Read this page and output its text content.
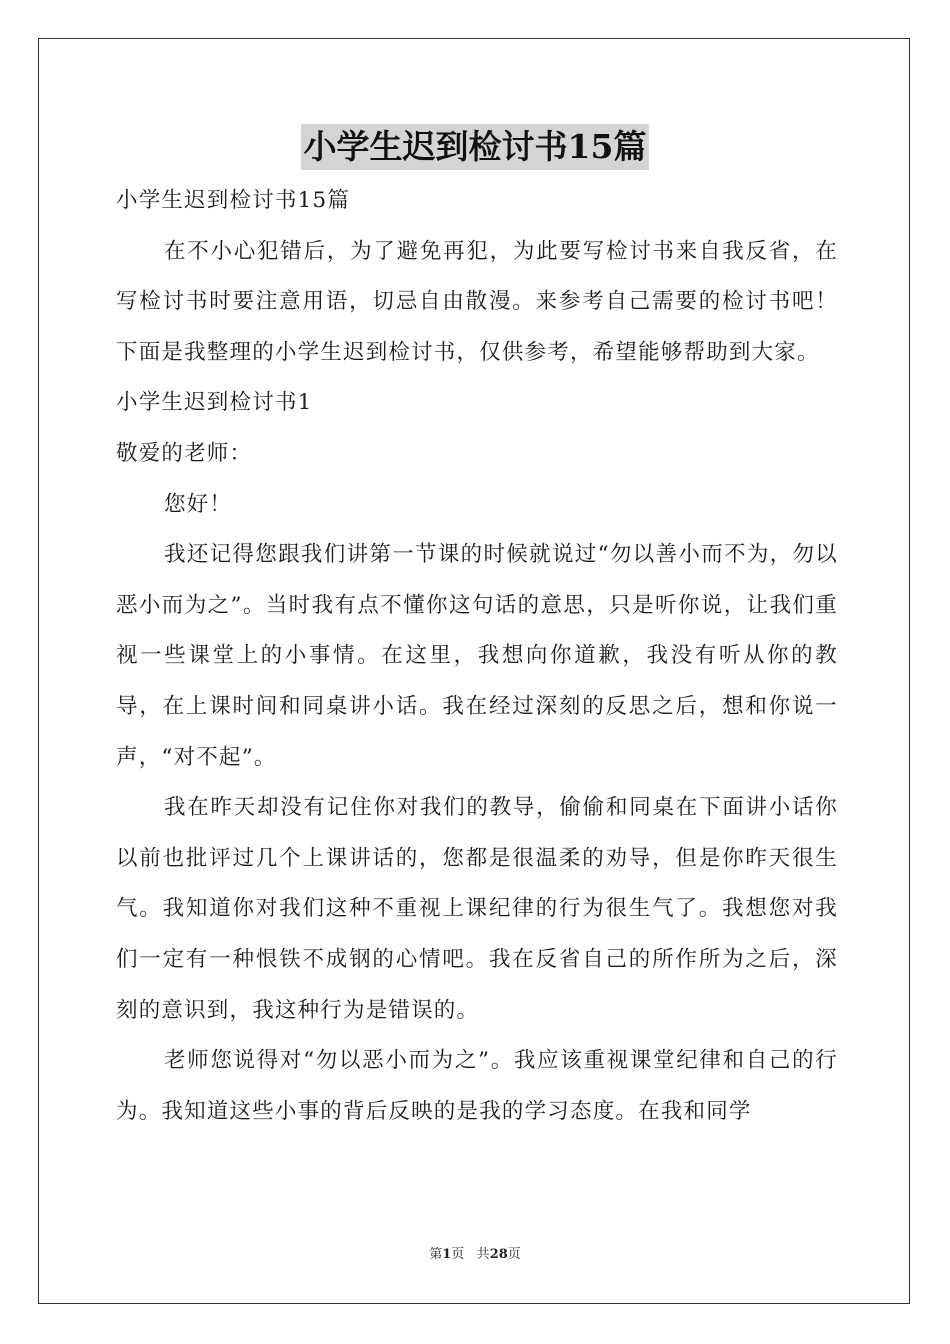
小学生迟到检讨书15篇

小学生迟到检讨书15篇

在不小心犯错后，为了避免再犯，为此要写检讨书来自我反省，在写检讨书时要注意用语，切忌自由散漫。来参考自己需要的检讨书吧！下面是我整理的小学生迟到检讨书，仅供参考，希望能够帮助到大家。

小学生迟到检讨书1

敬爱的老师：

您好！

我还记得您跟我们讲第一节课的时候就说过“勿以善小而不为，勿以恶小而为之”。当时我有点不懂你这句话的意思，只是听你说，让我们重视一些课堂上的小事情。在这里，我想向你道歉，我没有听从你的教导，在上课时间和同桌讲小话。我在经过深刻的反思之后，想和你说一声，“对不起”。

我在昨天却没有记住你对我们的教导，偷偷和同桌在下面讲小话你以前也批评过几个上课讲话的，您都是很温柔的劝导，但是你昨天很生气。我知道你对我们这种不重视上课纪律的行为很生气了。我想您对我们一定有一种恨铁不成钢的心情吧。我在反省自己的所作所为之后，深刻的意识到，我这种行为是错误的。

老师您说得对“勿以恶小而为之”。我应该重视课堂纪律和自己的行为。我知道这些小事的背后反映的是我的学习态度。在我和同学

第1页 共28页
